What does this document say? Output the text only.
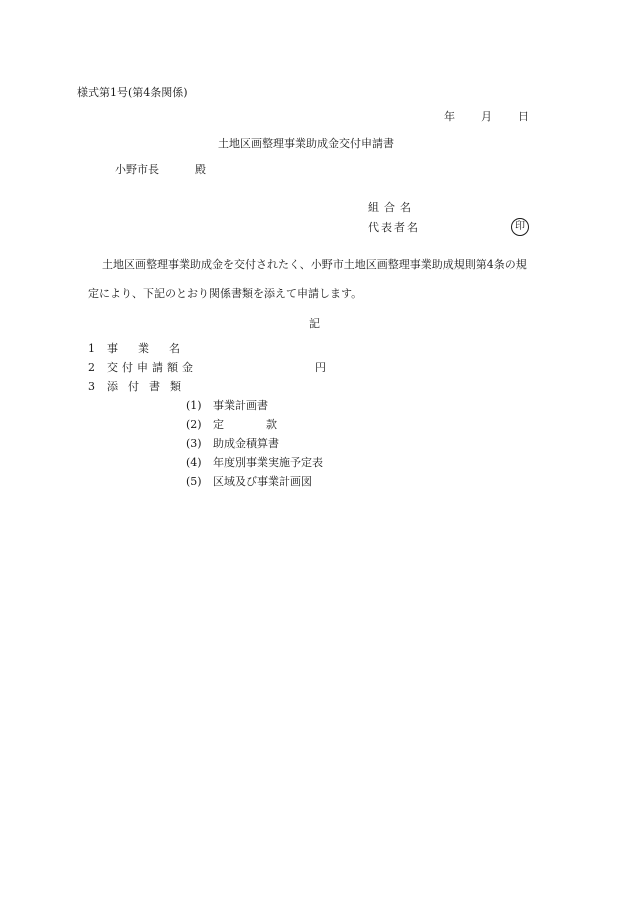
様式第1号(第4条関係)
年 月 日
土地区画整理事業助成金交付申請書
小野市長	殿
組合名
代表者名	印
土地区画整理事業助成金を交付されたく、小野市土地区画整理事業助成規則第4条の規
定により、下記のとおり関係書類を添えて申請します。
記
1 事業名
2 交付申請額金	円
3 添付書類
(1) 事業計画書
(2) 定款
(3) 助成金積算書
(4) 年度別事業実施予定表
(5) 区域及び事業計画図
